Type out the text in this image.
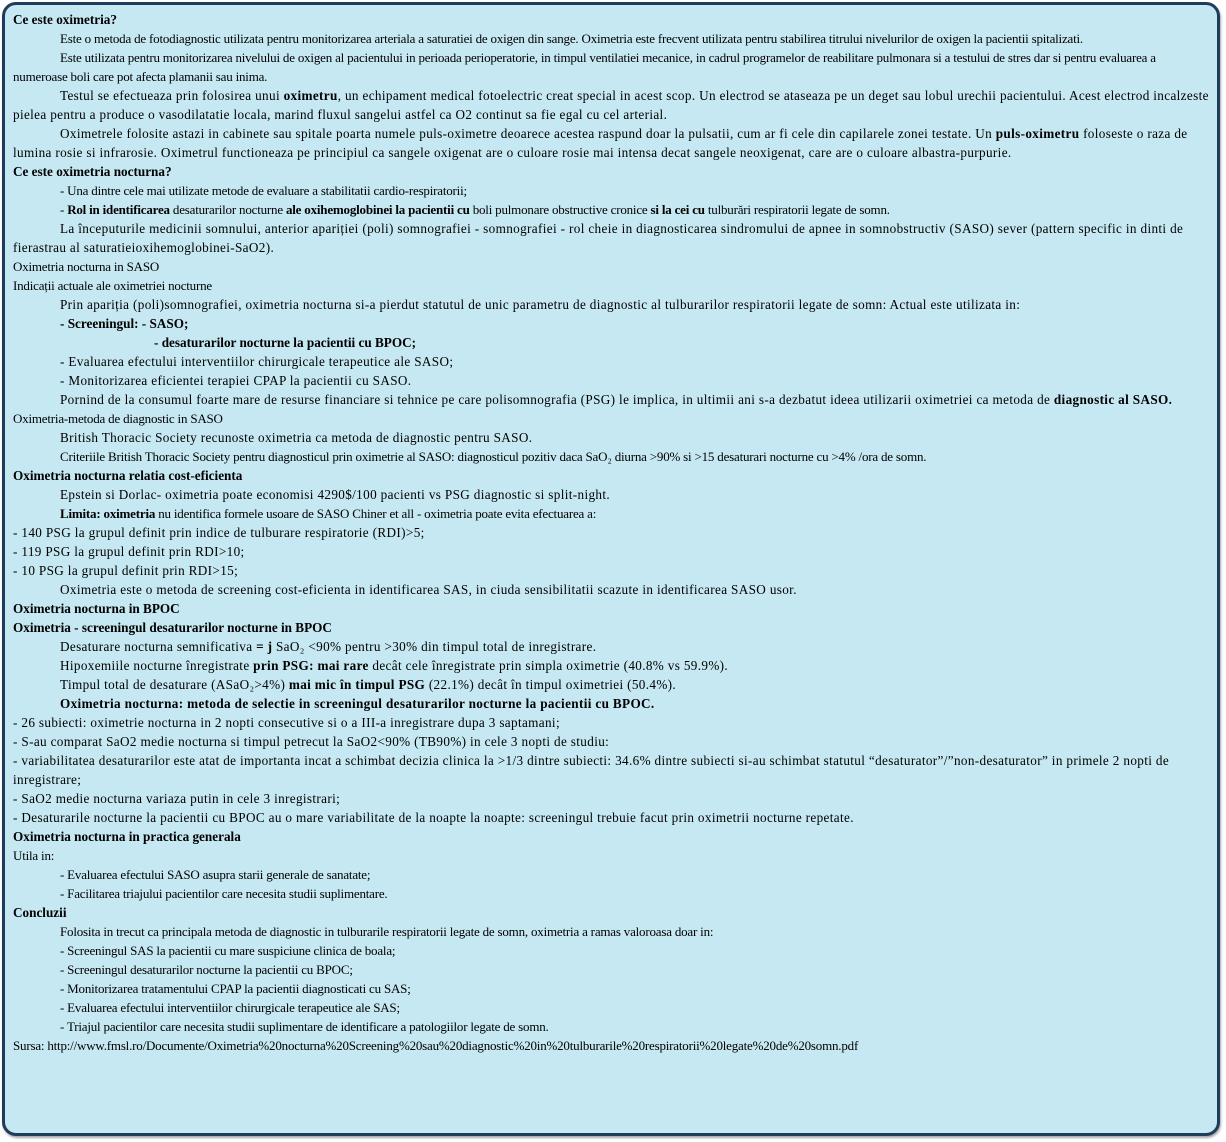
Ce este oximetria?
Este o metoda de fotodiagnostic utilizata pentru monitorizarea arteriala a saturatiei de oxigen din sange. Oximetria este frecvent utilizata pentru stabilirea titrului nivelurilor de oxigen la pacientii spitalizati.
Este utilizata pentru monitorizarea nivelului de oxigen al pacientului in perioada perioperatorie, in timpul ventilatiei mecanice, in cadrul programelor de reabilitare pulmonara si a testului de stres dar si pentru evaluarea a numeroase boli care pot afecta plamanii sau inima.
Testul se efectueaza prin folosirea unui oximetru, un echipament medical fotoelectric creat special in acest scop. Un electrod se ataseaza pe un deget sau lobul urechii pacientului. Acest electrod incalzeste pielea pentru a produce o vasodilatatie locala, marind fluxul sangelui astfel ca O2 continut sa fie egal cu cel arterial.
Oximetrele folosite astazi in cabinete sau spitale poarta numele puls-oximetre deoarece acestea raspund doar la pulsatii, cum ar fi cele din capilarele zonei testate. Un puls-oximetru foloseste o raza de lumina rosie si infrarosie. Oximetrul functioneaza pe principiul ca sangele oxigenat are o culoare rosie mai intensa decat sangele neoxigenat, care are o culoare albastra-purpurie.
Ce este oximetria nocturna?
- Una dintre cele mai utilizate metode de evaluare a stabilitatii cardio-respiratorii;
- Rol in identificarea desaturarilor nocturne ale oxihemoglobinei la pacientii cu boli pulmonare obstructive cronice si la cei cu tulburări respiratorii legate de somn.
La începuturile medicinii somnului, anterior apariției (poli) somnografiei - somnografiei - rol cheie in diagnosticarea sindromului de apnee in somnobstructiv (SASO) sever (pattern specific in dinti de fierastrau al saturatieioxihemoglobinei-SaO2).
Oximetria nocturna in SASO
Indicații actuale ale oximetriei nocturne
Prin apariția (poli)somnografiei, oximetria nocturna si-a pierdut statutul de unic parametru de diagnostic al tulburarilor respiratorii legate de somn: Actual este utilizata in:
- Screeningul: - SASO;
- desaturarilor nocturne la pacientii cu BPOC;
- Evaluarea efectului interventiilor chirurgicale terapeutice ale SASO;
- Monitorizarea eficientei terapiei CPAP la pacientii cu SASO.
Pornind de la consumul foarte mare de resurse financiare si tehnice pe care polisomnografia (PSG) le implica, in ultimii ani s-a dezbatut ideea utilizarii oximetriei ca metoda de diagnostic al SASO.
Oximetria-metoda de diagnostic in SASO
British Thoracic Society recunoste oximetria ca metoda de diagnostic pentru SASO.
Criteriile British Thoracic Society pentru diagnosticul prin oximetrie al SASO: diagnosticul pozitiv daca SaO₂ diurna >90% si >15 desaturari nocturne cu >4% /ora de somn.
Oximetria nocturna relatia cost-eficienta
Epstein si Dorlac- oximetria poate economisi 4290$/100 pacienti vs PSG diagnostic si split-night.
Limita: oximetria nu identifica formele usoare de SASO Chiner et all - oximetria poate evita efectuarea a:
- 140 PSG la grupul definit prin indice de tulburare respiratorie (RDI)>5;
- 119 PSG la grupul definit prin RDI>10;
- 10 PSG la grupul definit prin RDI>15;
Oximetria este o metoda de screening cost-eficienta in identificarea SAS, in ciuda sensibilitatii scazute in identificarea SASO usor.
Oximetria nocturna in BPOC
Oximetria - screeningul desaturarilor nocturne in BPOC
Desaturare nocturna semnificativa = j SaO₂ <90% pentru >30% din timpul total de inregistrare.
Hipoxemiile nocturne înregistrate prin PSG: mai rare decât cele înregistrate prin simpla oximetrie (40.8% vs 59.9%).
Timpul total de desaturare (ASaO₂>4%) mai mic în timpul PSG (22.1%) decât în timpul oximetriei (50.4%).
Oximetria nocturna: metoda de selectie in screeningul desaturarilor nocturne la pacientii cu BPOC.
- 26 subiecti: oximetrie nocturna in 2 nopti consecutive si o a III-a inregistrare dupa 3 saptamani;
- S-au comparat SaO2 medie nocturna si timpul petrecut la SaO2<90% (TB90%) in cele 3 nopti de studiu:
- variabilitatea desaturarilor este atat de importanta incat a schimbat decizia clinica la >1/3 dintre subiecti: 34.6% dintre subiecti si-au schimbat statutul “desaturator”/”non-desaturator” in primele 2 nopti de inregistrare;
- SaO2 medie nocturna variaza putin in cele 3 inregistrari;
- Desaturarile nocturne la pacientii cu BPOC au o mare variabilitate de la noapte la noapte: screeningul trebuie facut prin oximetrii nocturne repetate.
Oximetria nocturna in practica generala
Utila in:
- Evaluarea efectului SASO asupra starii generale de sanatate;
- Facilitarea triajului pacientilor care necesita studii suplimentare.
Concluzii
Folosita in trecut ca principala metoda de diagnostic in tulburarile respiratorii legate de somn, oximetria a ramas valoroasa doar in:
- Screeningul SAS la pacientii cu mare suspiciune clinica de boala;
- Screeningul desaturarilor nocturne la pacientii cu BPOC;
- Monitorizarea tratamentului CPAP la pacientii diagnosticati cu SAS;
- Evaluarea efectului interventiilor chirurgicale terapeutice ale SAS;
- Triajul pacientilor care necesita studii suplimentare de identificare a patologiilor legate de somn.
Sursa: http://www.fmsl.ro/Documente/Oximetria%20nocturna%20Screening%20sau%20diagnostic%20in%20tulburarile%20respiratorii%20legate%20de%20somn.pdf
